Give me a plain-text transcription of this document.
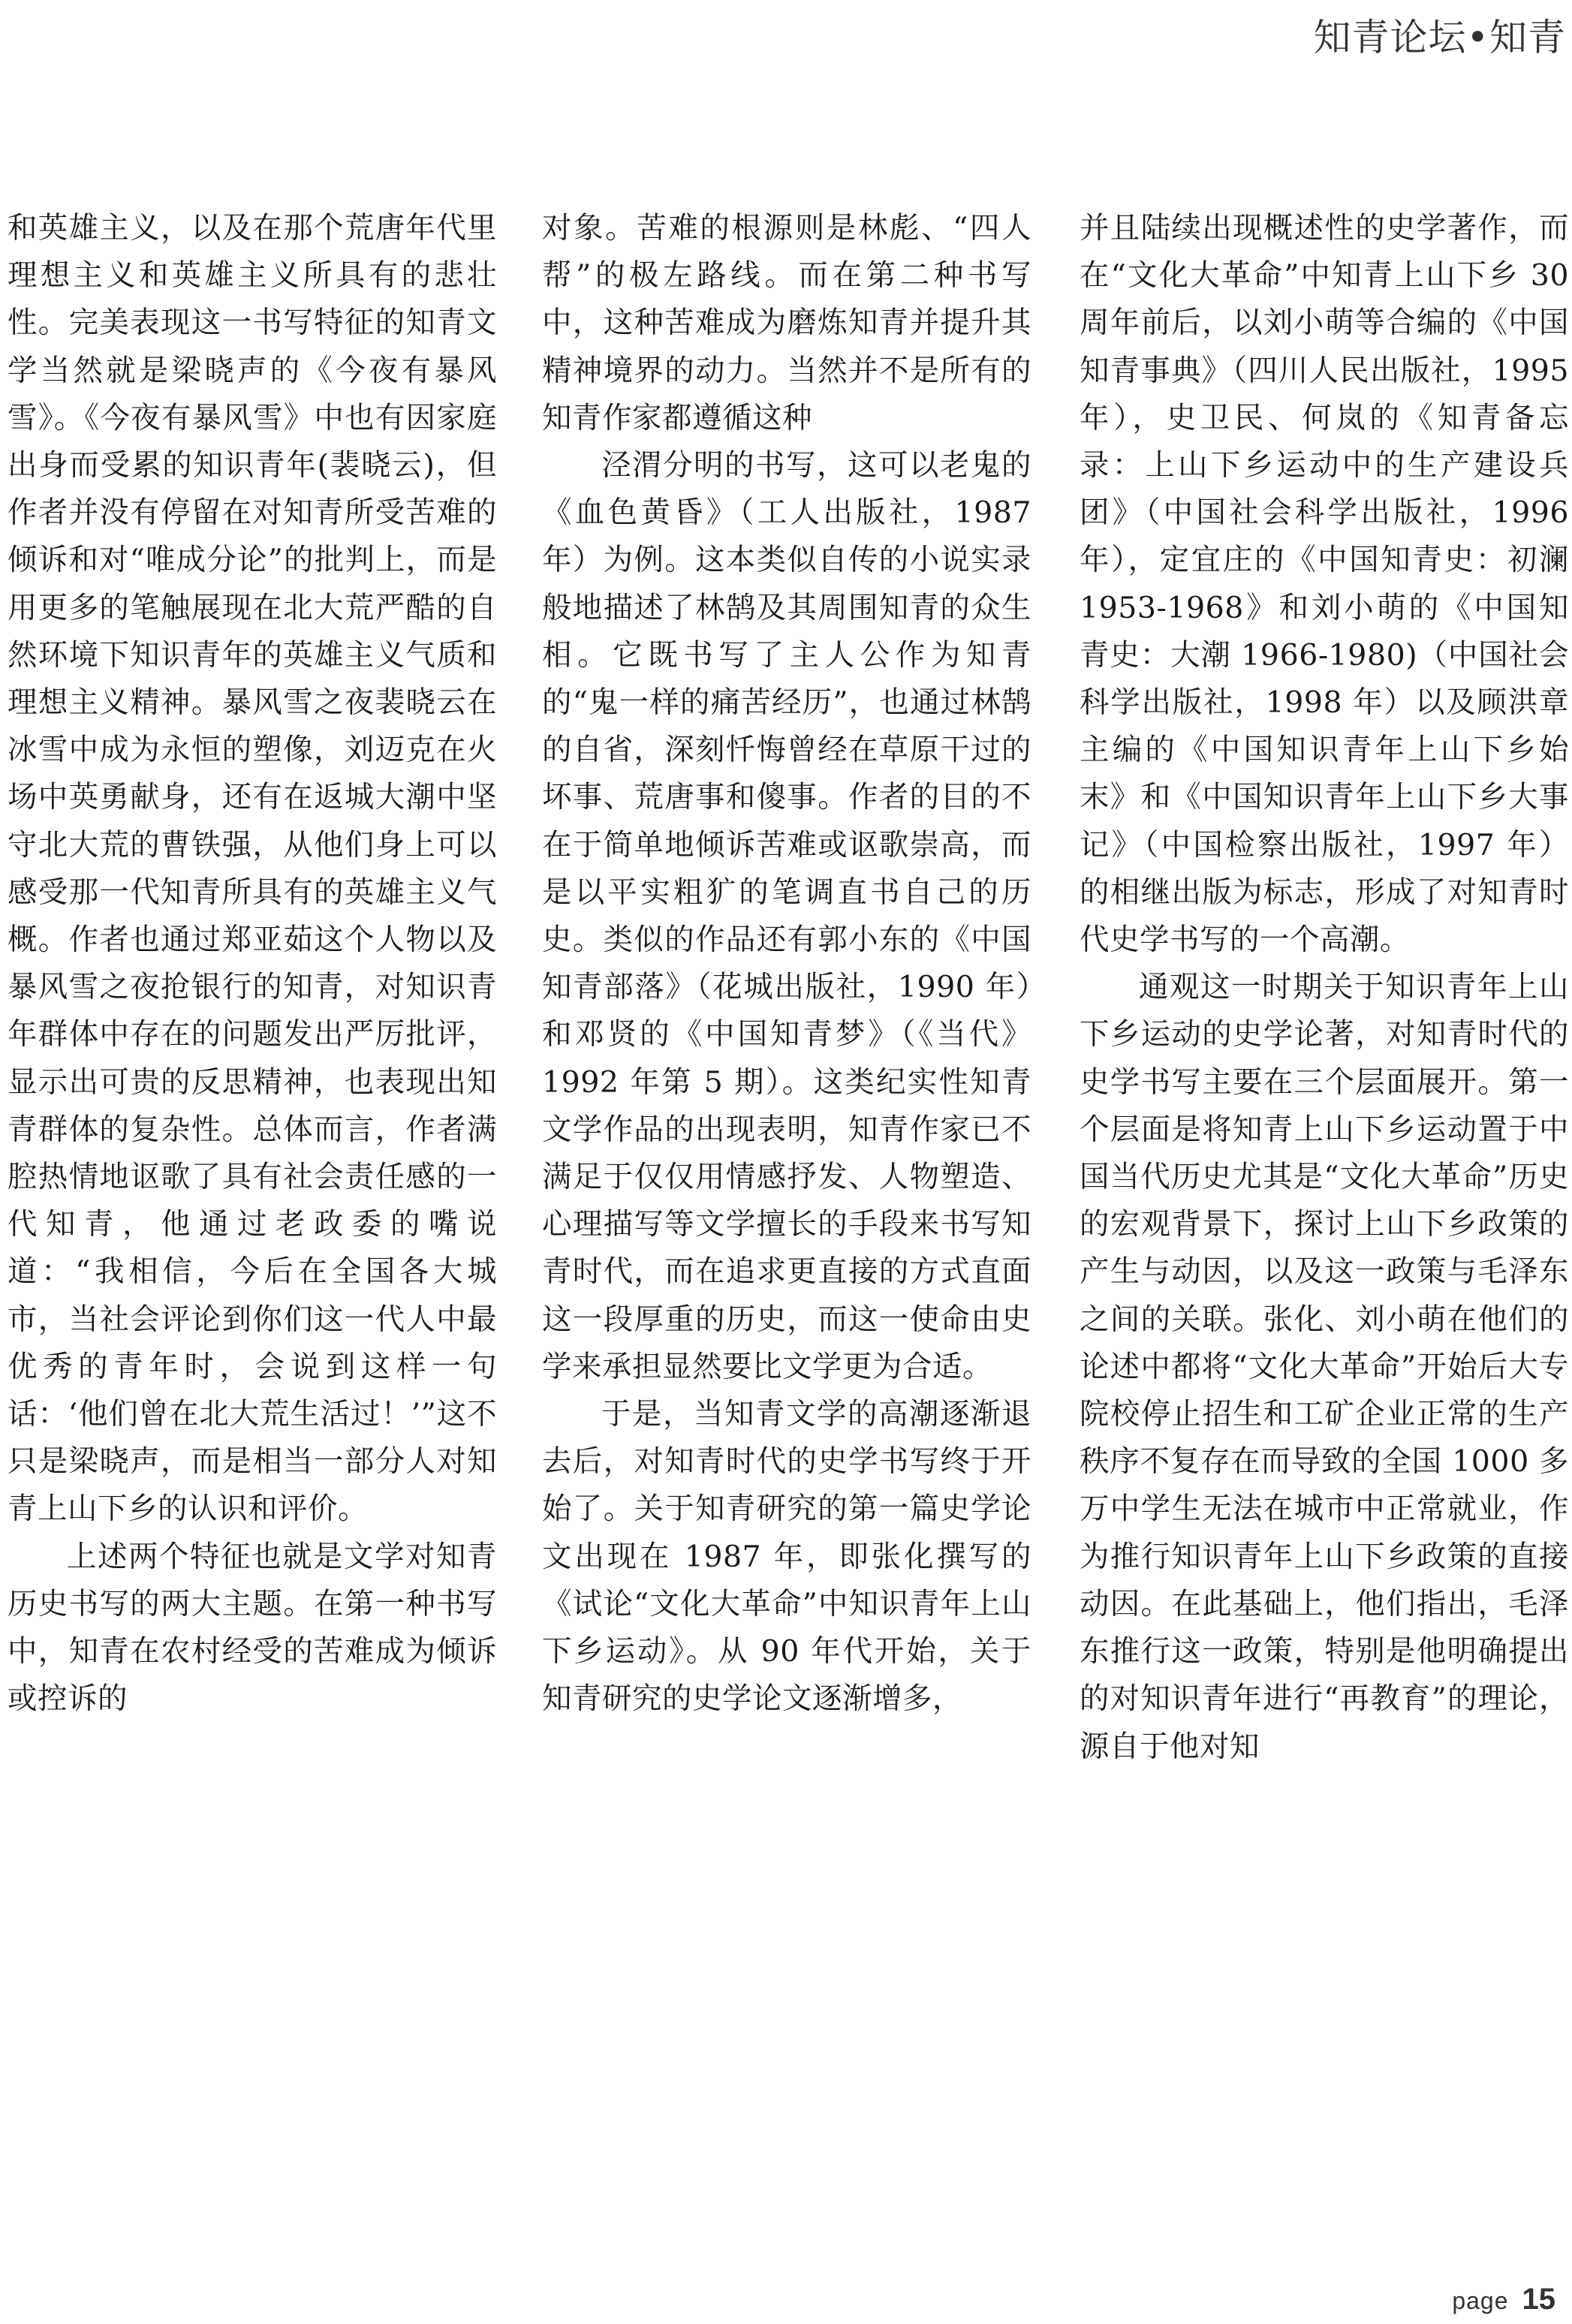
知青论坛•知青

和英雄主义，以及在那个荒唐年代里理想主义和英雄主义所具有的悲壮性。完美表现这一书写特征的知青文学当然就是梁晓声的《今夜有暴风雪》。《今夜有暴风雪》中也有因家庭出身而受累的知识青年(裴晓云)，但作者并没有停留在对知青所受苦难的倾诉和对“唯成分论”的批判上，而是用更多的笔触展现在北大荒严酷的自然环境下知识青年的英雄主义气质和理想主义精神。暴风雪之夜裴晓云在冰雪中成为永恒的塑像，刘迈克在火场中英勇献身，还有在返城大潮中坚守北大荒的曹铁强，从他们身上可以感受那一代知青所具有的英雄主义气概。作者也通过郑亚茹这个人物以及暴风雪之夜抢银行的知青，对知识青年群体中存在的问题发出严厉批评，显示出可贵的反思精神，也表现出知青群体的复杂性。总体而言，作者满腔热情地讴歌了具有社会责任感的一代知青，他通过老政委的嘴说道：“我相信，今后在全国各大城市，当社会评论到你们这一代人中最优秀的青年时，会说到这样一句话：‘他们曾在北大荒生活过！’”这不只是梁晓声，而是相当一部分人对知青上山下乡的认识和评价。

上述两个特征也就是文学对知青历史书写的两大主题。在第一种书写中，知青在农村经受的苦难成为倾诉或控诉的

对象。苦难的根源则是林彪、“四人帮”的极左路线。而在第二种书写中，这种苦难成为磨炼知青并提升其精神境界的动力。当然并不是所有的知青作家都遵循这种

泾渭分明的书写，这可以老鬼的《血色黄昏》（工人出版社，1987 年）为例。这本类似自传的小说实录般地描述了林鹄及其周围知青的众生相。它既书写了主人公作为知青的“鬼一样的痛苦经历”，也通过林鹄的自省，深刻忏悔曾经在草原干过的坏事、荒唐事和傻事。作者的目的不在于简单地倾诉苦难或讴歌崇高，而是以平实粗犷的笔调直书自己的历史。类似的作品还有郭小东的《中国知青部落》（花城出版社，1990 年）和邓贤的《中国知青梦》（《当代》1992 年第 5 期）。这类纪实性知青文学作品的出现表明，知青作家已不满足于仅仅用情感抒发、人物塑造、心理描写等文学擅长的手段来书写知青时代，而在追求更直接的方式直面这一段厚重的历史，而这一使命由史学来承担显然要比文学更为合适。

于是，当知青文学的高潮逐渐退去后，对知青时代的史学书写终于开始了。关于知青研究的第一篇史学论文出现在 1987 年，即张化撰写的《试论“文化大革命”中知识青年上山下乡运动》。从 90 年代开始，关于知青研究的史学论文逐渐增多，

并且陆续出现概述性的史学著作，而在“文化大革命”中知青上山下乡 30 周年前后，以刘小萌等合编的《中国知青事典》（四川人民出版社，1995 年），史卫民、何岚的《知青备忘录：上山下乡运动中的生产建设兵团》（中国社会科学出版社，1996 年），定宜庄的《中国知青史：初澜 1953-1968》和刘小萌的《中国知青史：大潮 1966-1980)（中国社会科学出版社，1998 年）以及顾洪章主编的《中国知识青年上山下乡始末》和《中国知识青年上山下乡大事记》（中国检察出版社，1997 年）的相继出版为标志，形成了对知青时代史学书写的一个高潮。

通观这一时期关于知识青年上山下乡运动的史学论著，对知青时代的史学书写主要在三个层面展开。第一个层面是将知青上山下乡运动置于中国当代历史尤其是“文化大革命”历史的宏观背景下，探讨上山下乡政策的产生与动因，以及这一政策与毛泽东之间的关联。张化、刘小萌在他们的论述中都将“文化大革命”开始后大专院校停止招生和工矿企业正常的生产秩序不复存在而导致的全国 1000 多万中学生无法在城市中正常就业，作为推行知识青年上山下乡政策的直接动因。在此基础上，他们指出，毛泽东推行这一政策，特别是他明确提出的对知识青年进行“再教育”的理论，源自于他对知

page 15
